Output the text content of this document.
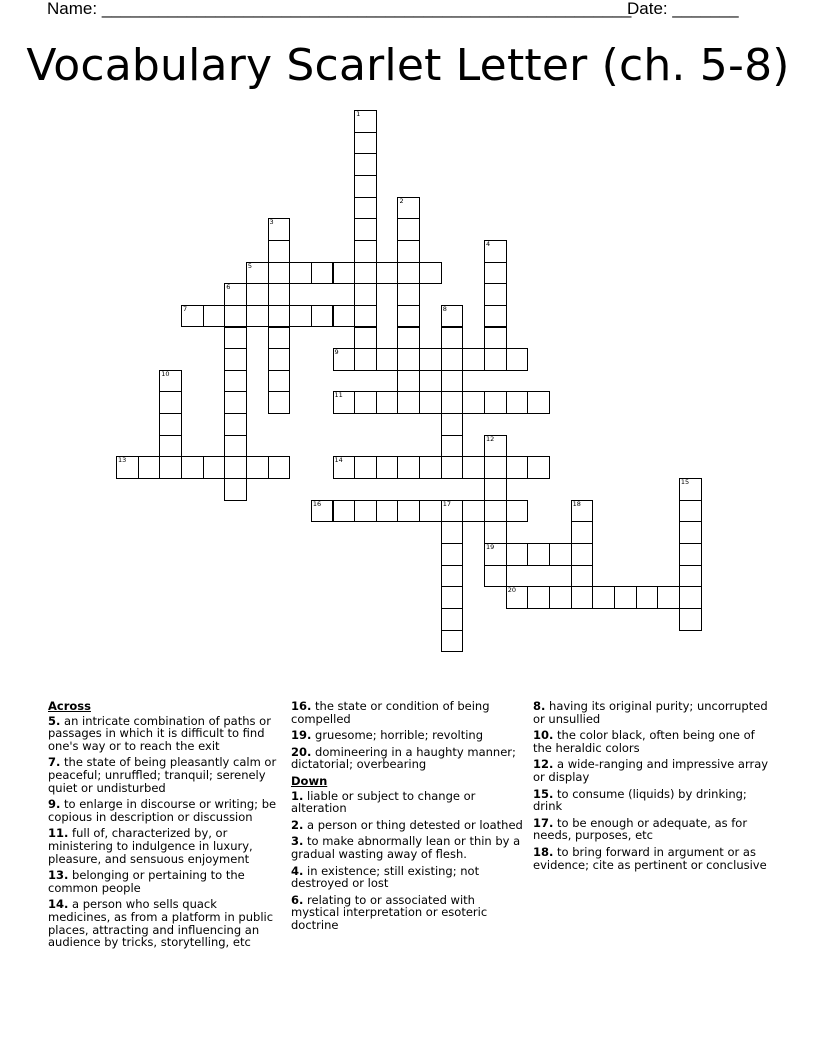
Name: ________________________________________________________
Date: _______
Vocabulary Scarlet Letter (ch. 5-8)
1
2
3
4
5
6
7	8
9
10
11
12
19
13	14
15
16	17	18
20
Across
5. an intricate combination of paths or passages in which it is difficult to find one's way or to reach the exit
7. the state of being pleasantly calm or peaceful; unruffled; tranquil; serenely quiet or undisturbed
9. to enlarge in discourse or writing; be copious in description or discussion
11. full of, characterized by, or ministering to indulgence in luxury, pleasure, and sensuous enjoyment
13. belonging or pertaining to the common people
14. a person who sells quack medicines, as from a platform in public places, attracting and influencing an audience by tricks, storytelling, etc
16. the state or condition of being compelled
19. gruesome; horrible; revolting
20. domineering in a haughty manner; dictatorial; overbearing
Down
1. liable or subject to change or alteration
2. a person or thing detested or loathed
3. to make abnormally lean or thin by a gradual wasting away of flesh.
4. in existence; still existing; not destroyed or lost
6. relating to or associated with mystical interpretation or esoteric doctrine
8. having its original purity; uncorrupted or unsullied
10. the color black, often being one of the heraldic colors
12. a wide-ranging and impressive array or display
15. to consume (liquids) by drinking; drink
17. to be enough or adequate, as for needs, purposes, etc
18. to bring forward in argument or as evidence; cite as pertinent or conclusive
